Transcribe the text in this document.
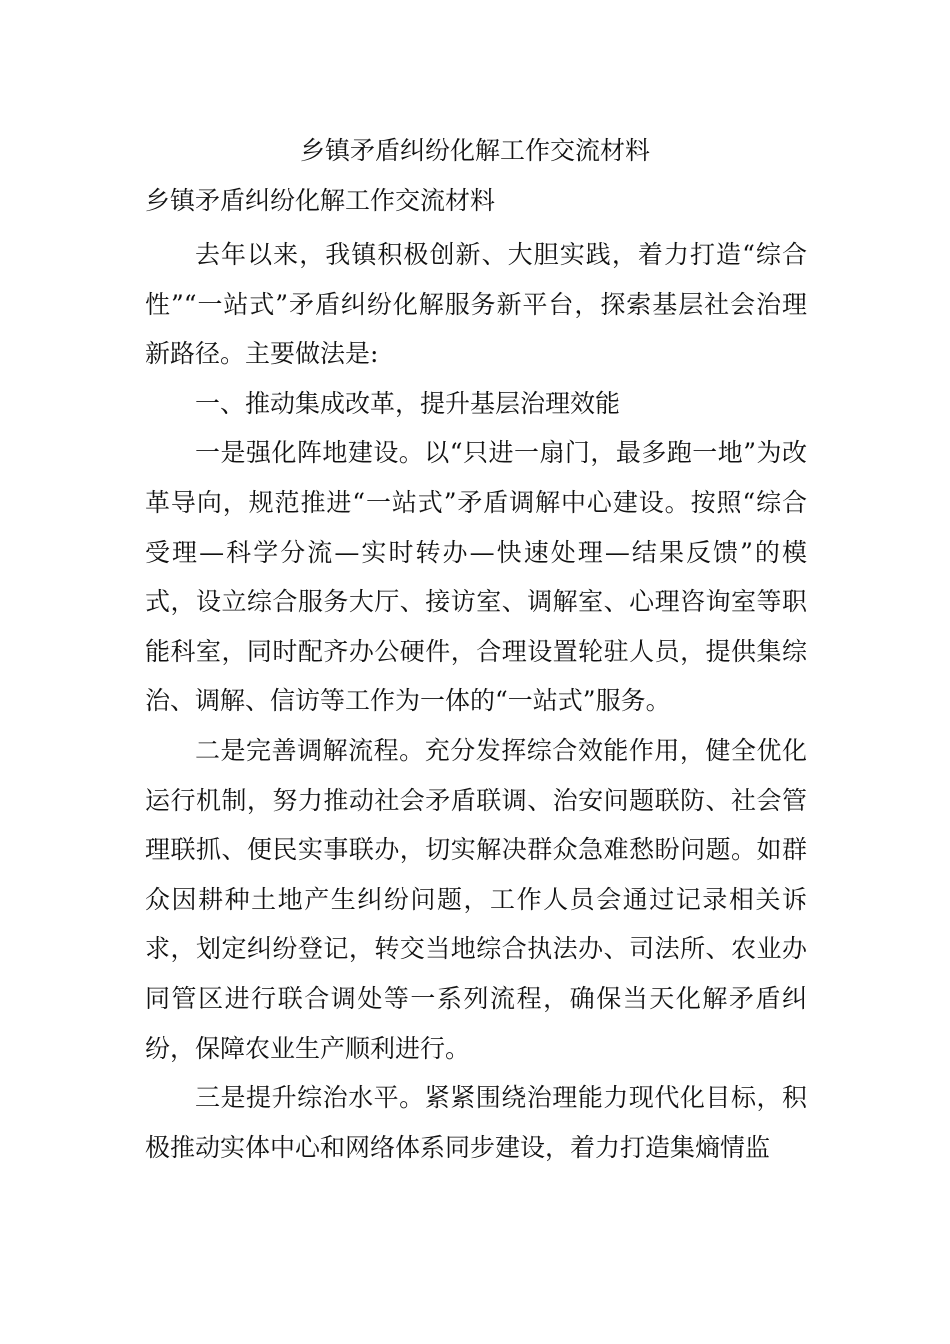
乡镇矛盾纠纷化解工作交流材料
乡镇矛盾纠纷化解工作交流材料

去年以来，我镇积极创新、大胆实践，着力打造“综合性”“一站式”矛盾纠纷化解服务新平台，探索基层社会治理新路径。主要做法是:

一、推动集成改革，提升基层治理效能

一是强化阵地建设。以“只进一扇门，最多跑一地”为改革导向，规范推进“一站式”矛盾调解中心建设。按照“综合受理—科学分流—实时转办—快速处理—结果反馈”的模式，设立综合服务大厅、接访室、调解室、心理咨询室等职能科室，同时配齐办公硬件，合理设置轮驻人员，提供集综治、调解、信访等工作为一体的“一站式”服务。

二是完善调解流程。充分发挥综合效能作用，健全优化运行机制，努力推动社会矛盾联调、治安问题联防、社会管理联抓、便民实事联办，切实解决群众急难愁盼问题。如群众因耕种土地产生纠纷问题，工作人员会通过记录相关诉求，划定纠纷登记，转交当地综合执法办、司法所、农业办同管区进行联合调处等一系列流程，确保当天化解矛盾纠纷，保障农业生产顺利进行。

三是提升综治水平。紧紧围绕治理能力现代化目标，积极推动实体中心和网络体系同步建设，着力打造集熵情监
